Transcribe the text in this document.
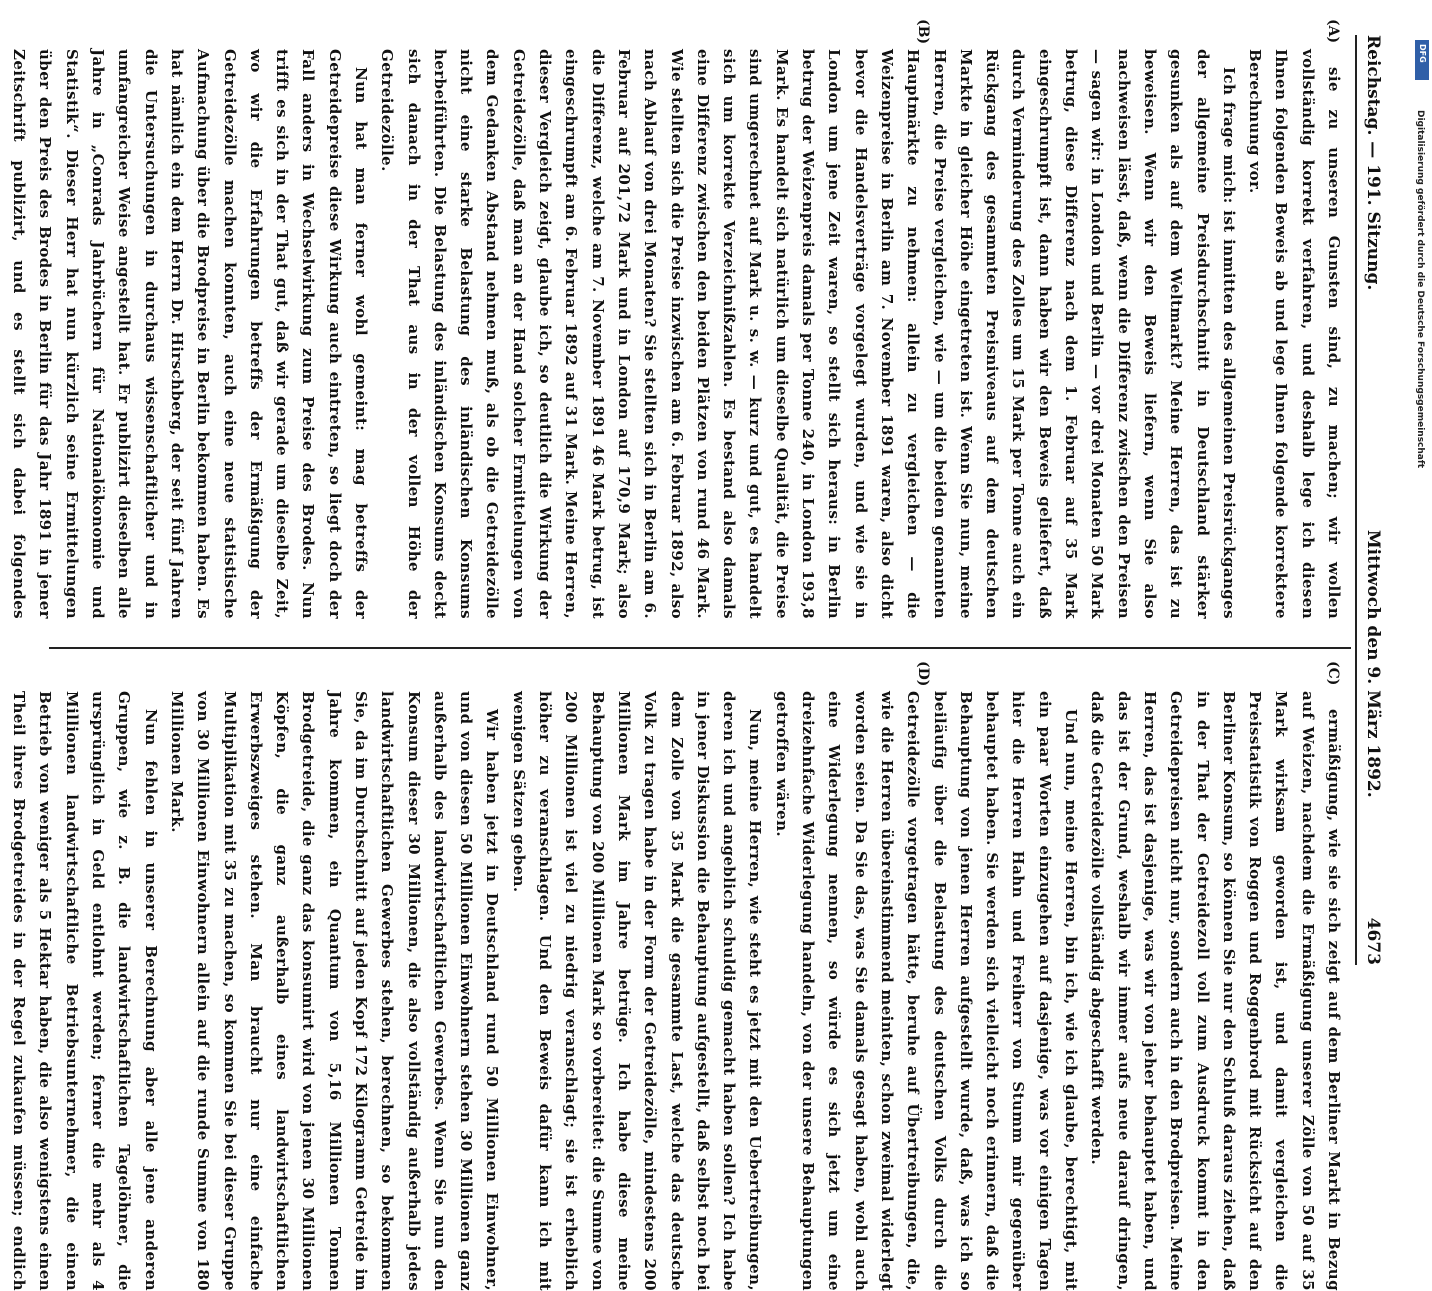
Reichstag. — 191. Sitzung.
Mittwoch den 9. März 1892.4673
(A)
(B)
(C)
(D)

sie zu unseren Gunsten sind, zu machen; wir wollen vollständig korrekt verfahren, und deshalb lege ich diesen Ihnen folgenden Beweis ab und lege Ihnen folgende korrektere Berechnung vor.

Ich frage mich: ist inmitten des allgemeinen Preisrückganges der allgemeine Preisdurchschnitt in Deutschland stärker gesunken als auf dem Weltmarkt? Meine Herren, das ist zu beweisen. Wenn wir den Beweis liefern, wenn Sie also nachweisen lässt, daß, wenn die Differenz zwischen den Preisen — sagen wir: in London und Berlin — vor drei Monaten 50 Mark betrug, diese Differenz nach dem 1. Februar auf 35 Mark eingeschrumpft ist, dann haben wir den Beweis geliefert, daß durch Verminderung des Zolles um 15 Mark per Tonne auch ein Rückgang des gesammten Preisniveaus auf dem deutschen Markte in gleicher Höhe eingetreten ist. Wenn Sie nun, meine Herren, die Preise vergleichen, wie — um die beiden genannten Hauptmärkte zu nehmen: allein zu vergleichen — die Weizenpreise in Berlin am 7. November 1891 waren, also dicht bevor die Handelsverträge vorgelegt wurden, und wie sie in London um jene Zeit waren, so stellt sich heraus: in Berlin betrug der Weizenpreis damals per Tonne 240, in London 193,8 Mark. Es handelt sich natürlich um dieselbe Qualität, die Preise sind umgerechnet auf Mark u. s. w. — kurz und gut, es handelt sich um korrekte Verzeichnißzahlen. Es bestand also damals eine Differenz zwischen den beiden Plätzen von rund 46 Mark. Wie stellten sich die Preise inzwischen am 6. Februar 1892, also nach Ablauf von drei Monaten? Sie stellten sich in Berlin am 6. Februar auf 201,72 Mark und in London auf 170,9 Mark; also die Differenz, welche am 7. November 1891 46 Mark betrug, ist eingeschrumpft am 6. Februar 1892 auf 31 Mark. Meine Herren, dieser Vergleich zeigt, glaube ich, so deutlich die Wirkung der Getreidezölle, daß man an der Hand solcher Ermittelungen von dem Gedanken Abstand nehmen muß, als ob die Getreidezölle nicht eine starke Belastung des inländischen Konsums herbeiführten. Die Belastung des inländischen Konsums deckt sich danach in der That aus in der vollen Höhe der Getreidezölle.

Nun hat man ferner wohl gemeint: mag betreffs der Getreidepreise diese Wirkung auch eintreten, so liegt doch der Fall anders in Wechselwirkung zum Preise des Brodes. Nun trifft es sich in der That gut, daß wir gerade um dieselbe Zeit, wo wir die Erfahrungen betreffs der Ermäßigung der Getreidezölle machen konnten, auch eine neue statistische Aufmachung über die Brodpreise in Berlin bekommen haben. Es hat nämlich ein dem Herrn Dr. Hirschberg, der seit fünf Jahren die Untersuchungen in durchaus wissenschaftlicher und in umfangreicher Weise angestellt hat. Er publizirt dieselben alle Jahre in „Conrads Jahrbüchern für Nationalökonomie und Statistik“. Dieser Herr hat nun kürzlich seine Ermittelungen über den Preis des Brodes in Berlin für das Jahr 1891 in jener Zeitschrift publizirt, und es stellt sich dabei folgendes

ermäßigung, wie sie sich zeigt auf dem Berliner Markt in Bezug auf Weizen, nachdem die Ermäßigung unserer Zölle von 50 auf 35 Mark wirksam geworden ist, und damit vergleichen die Preisstatistik von Roggen und Roggenbrod mit Rücksicht auf den Berliner Konsum, so können Sie nur den Schluß daraus ziehen, daß in der That der Getreidezoll voll zum Ausdruck kommt in den Getreidepreisen nicht nur, sondern auch in den Brodpreisen. Meine Herren, das ist dasjenige, was wir von jeher behauptet haben, und das ist der Grund, weshalb wir immer aufs neue darauf dringen, daß die Getreidezölle vollständig abgeschafft werden.

Und nun, meine Herren, bin ich, wie ich glaube, berechtigt, mit ein paar Worten einzugehen auf dasjenige, was vor einigen Tagen hier die Herren Hahn und Freiherr von Stumm mir gegenüber behauptet haben. Sie werden sich vielleicht noch erinnern, daß die Behauptung von jenen Herren aufgestellt wurde, daß, was ich so beiläufig über die Belastung des deutschen Volks durch die Getreidezölle vorgetragen hätte, beruhe auf Übertreibungen, die, wie die Herren übereinstimmend meinten, schon zweimal widerlegt worden seien. Da Sie das, was Sie damals gesagt haben, wohl auch eine Widerlegung nennen, so würde es sich jetzt um eine dreizehnfache Widerlegung handeln, von der unsere Behauptungen getroffen wären.

Nun, meine Herren, wie steht es jetzt mit den Uebertreibungen, deren ich und angeblich schuldig gemacht haben sollen? Ich habe in jener Diskussion die Behauptung aufgestellt, daß selbst noch bei dem Zolle von 35 Mark die gesammte Last, welche das deutsche Volk zu tragen habe in der Form der Getreidezölle, mindestens 200 Millionen Mark im Jahre betrüge. Ich habe diese meine Behauptung von 200 Millionen Mark so vorbereitet: die Summe von 200 Millionen ist viel zu niedrig veranschlagt; sie ist erheblich höher zu veranschlagen. Und den Beweis dafür kann ich mit wenigen Sätzen geben.

Wir haben jetzt in Deutschland rund 50 Millionen Einwohner, und von diesen 50 Millionen Einwohnern stehen 30 Millionen ganz außerhalb des landwirtschaftlichen Gewerbes. Wenn Sie nun den Konsum dieser 30 Millionen, die also vollständig außerhalb jedes landwirtschaftlichen Gewerbes stehen, berechnen, so bekommen Sie, da im Durchschnitt auf jeden Kopf 172 Kilogramm Getreide im Jahre kommen, ein Quantum von 5,16 Millionen Tonnen Brodgetreide, die ganz das konsumirt wird von jenen 30 Millionen Köpfen, die ganz außerhalb eines landwirtschaftlichen Erwerbszweiges stehen. Man braucht nur eine einfache Multiplikation mit 35 zu machen, so kommen Sie bei dieser Gruppe von 30 Millionen Einwohnern allein auf die runde Summe von 180 Millionen Mark.

Nun fehlen in unserer Berechnung aber alle jene anderen Gruppen, wie z. B. die landwirtschaftlichen Tagelöhner, die ursprünglich in Geld entlohnt werden; ferner die mehr als 4 Millionen landwirtschaftliche Betriebsunternehmer, die einen Betrieb von weniger als 5 Hektar haben, die also wenigstens einen Theil ihres Brodgetreides in der Regel zukaufen müssen; endlich

DFG
Digitalisierung gefördert durch die Deutsche Forschungsgemeinschaft
